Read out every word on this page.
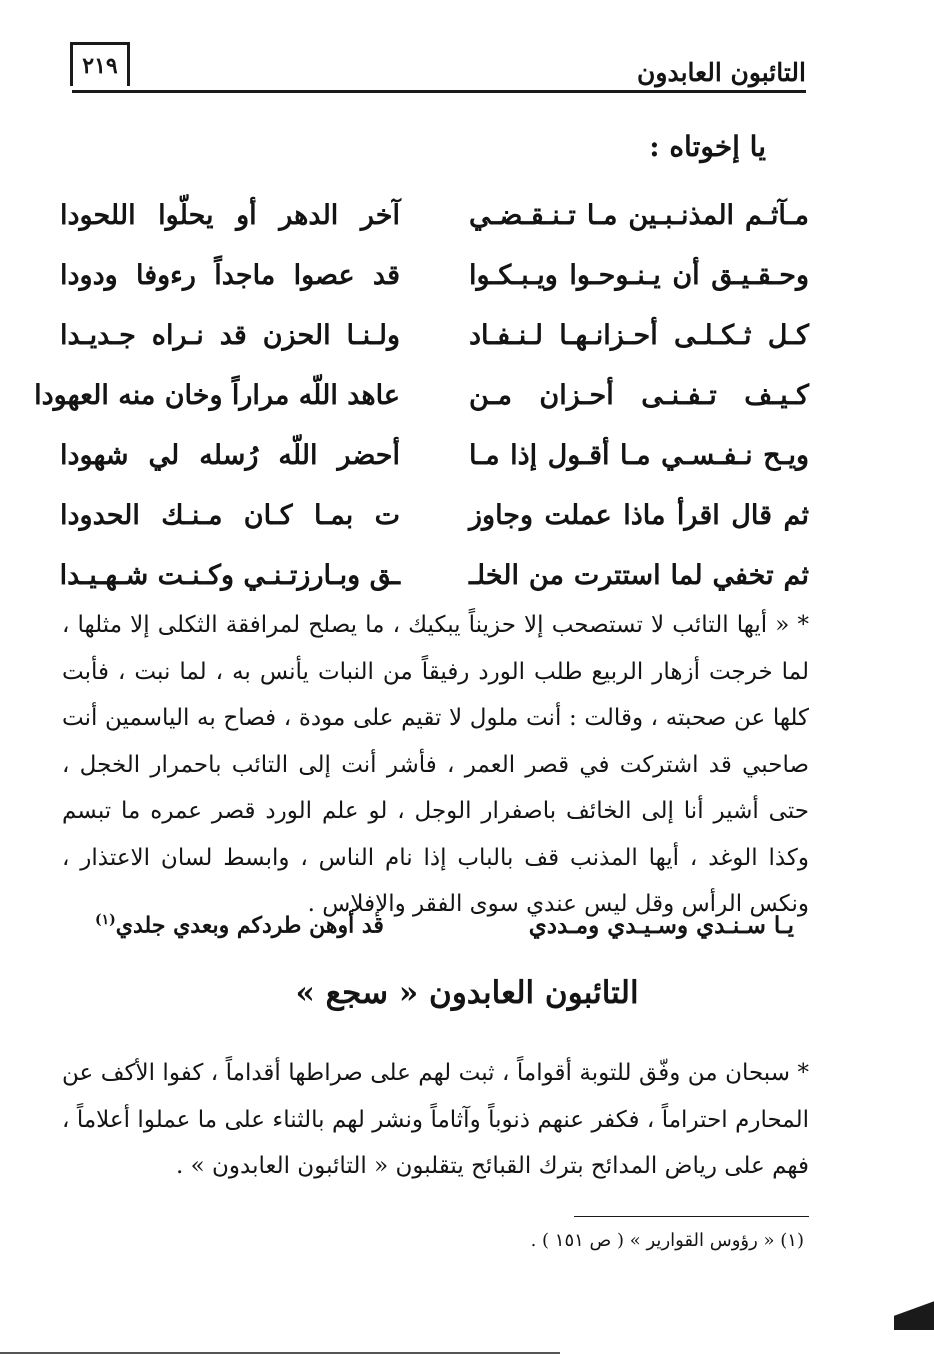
التائبون العابدون
٢١٩
يا إخوتاه :
مـآثـم المذنـبـين مـا تـنـقـضـي
آخر الدهر أو يحلّوا اللحودا
وحـقـيـق أن يـنـوحـوا ويـبـكـوا
قد عصوا ماجداً رءوفا ودودا
كـل ثـكـلـى أحـزانـهـا لـنـفـاد
ولـنـا الحزن قد نـراه جـديـدا
كـيـف تـفـنـى أحـزان مـن
عاهد اللّه مراراً وخان منه العهودا
ويـح نـفـسـي مـا أقـول إذا مـا
أحضر اللّه رُسله لي شهودا
ثم قال اقرأ ماذا عملت وجاوز
ت بمـا كـان مـنـك الحدودا
ثم تخفي لما استترت من الخلـ
ـق وبـارزتـنـي وكـنـت شـهـيـدا
* « أيها التائب لا تستصحب إلا حزيناً يبكيك ، ما يصلح لمرافقة الثكلى إلا مثلها ، لما خرجت أزهار الربيع طلب الورد رفيقاً من النبات يأنس به ، لما نبت ، فأبت كلها عن صحبته ، وقالت : أنت ملول لا تقيم على مودة ، فصاح به الياسمين أنت صاحبي قد اشتركت في قصر العمر ، فأشر أنت إلى التائب باحمرار الخجل ، حتى أشير أنا إلى الخائف باصفرار الوجل ، لو علم الورد قصر عمره ما تبسم وكذا الوغد ، أيها المذنب قف بالباب إذا نام الناس ، وابسط لسان الاعتذار ، ونكس الرأس وقل ليس عندي سوى الفقر والإفلاس .
يـا سـنـدي وسـيـدي ومـددي
قد أوهن طردكم وبعدي جلدي$^{(١)}$
التائبون العابدون « سجع »
* سبحان من وفّق للتوبة أقواماً ، ثبت لهم على صراطها أقداماً ، كفوا الأكف عن المحارم احتراماً ، فكفر عنهم ذنوباً وآثاماً ونشر لهم بالثناء على ما عملوا أعلاماً ، فهم على رياض المدائح بترك القبائح يتقلبون « التائبون العابدون » .
(١) « رؤوس القوارير » ( ص ١٥١ ) .
